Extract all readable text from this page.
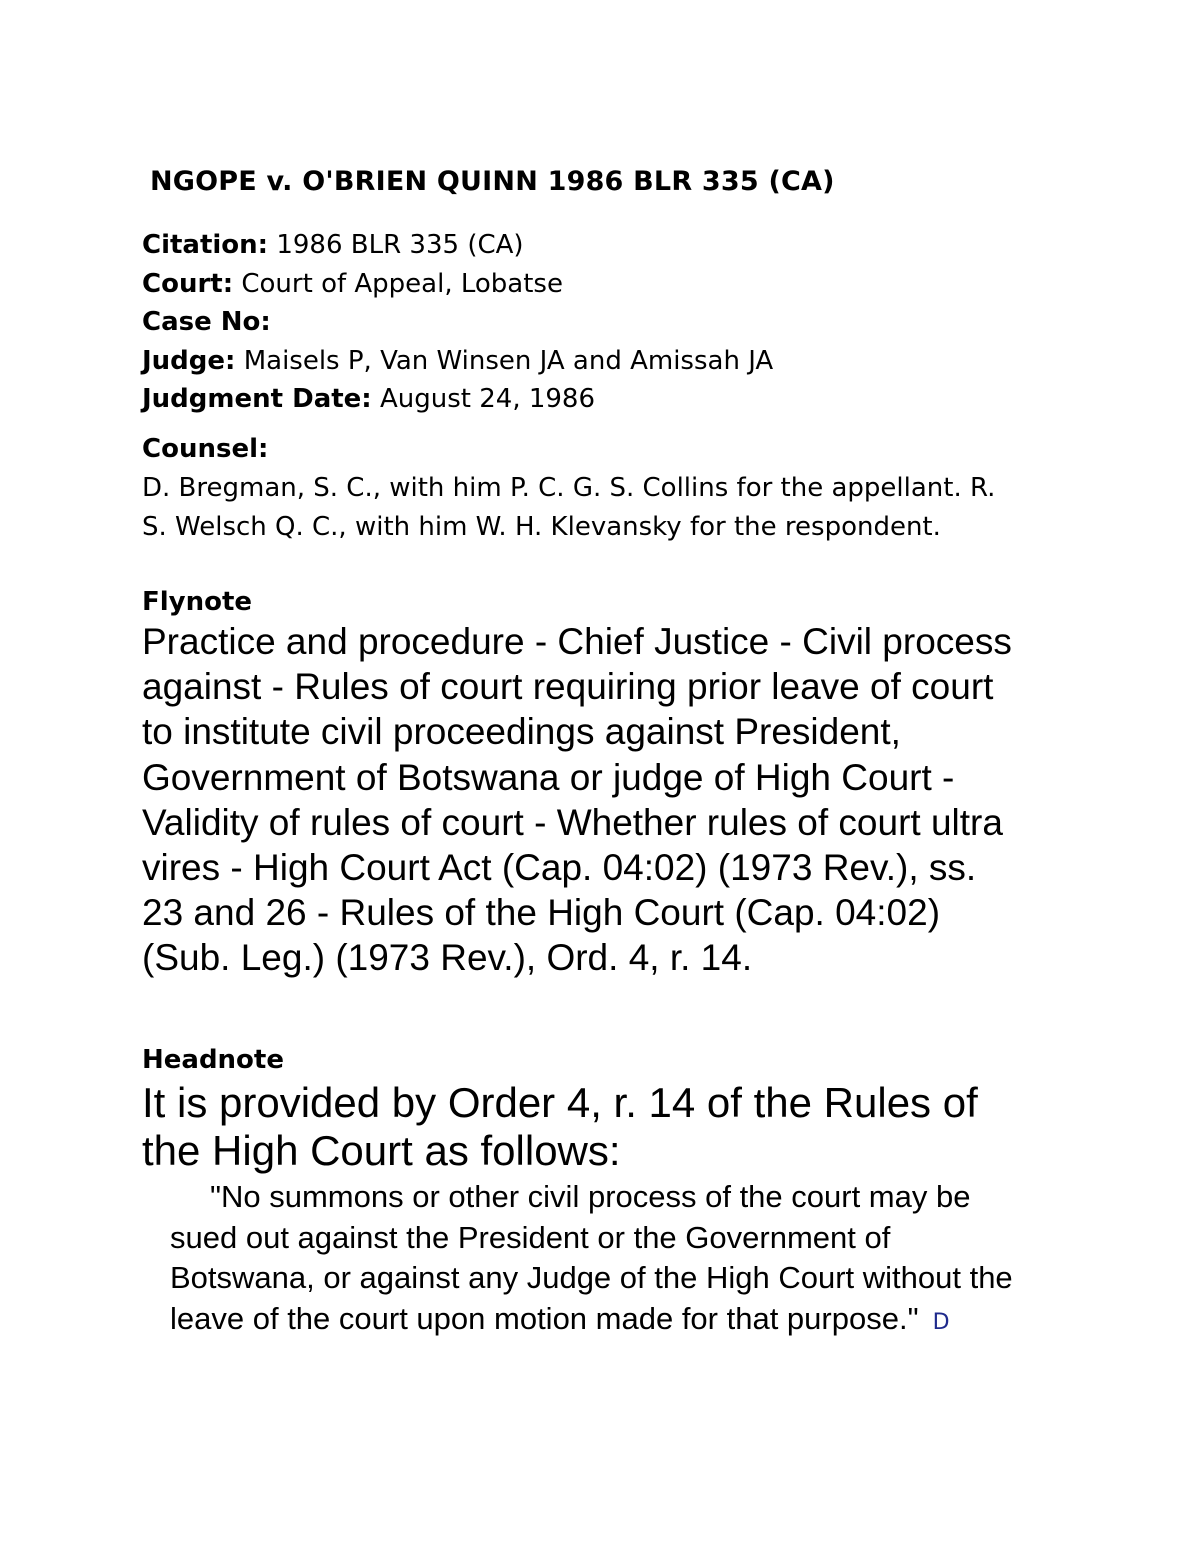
NGOPE v. O'BRIEN QUINN 1986 BLR 335 (CA)
Citation: 1986 BLR 335 (CA)
Court: Court of Appeal, Lobatse
Case No:
Judge: Maisels P, Van Winsen JA and Amissah JA
Judgment Date: August 24, 1986
Counsel:
D. Bregman, S. C., with him P. C. G. S. Collins for the appellant. R. S. Welsch Q. C., with him W. H. Klevansky for the respondent.
Flynote
Practice and procedure - Chief Justice - Civil process against - Rules of court requiring prior leave of court to institute civil proceedings against President, Government of Botswana or judge of High Court - Validity of rules of court - Whether rules of court ultra vires - High Court Act (Cap. 04:02) (1973 Rev.), ss. 23 and 26 - Rules of the High Court (Cap. 04:02) (Sub. Leg.) (1973 Rev.), Ord. 4, r. 14.
Headnote
It is provided by Order 4, r. 14 of the Rules of the High Court as follows:
"No summons or other civil process of the court may be sued out against the President or the Government of Botswana, or against any Judge of the High Court without the leave of the court upon motion made for that purpose." D
